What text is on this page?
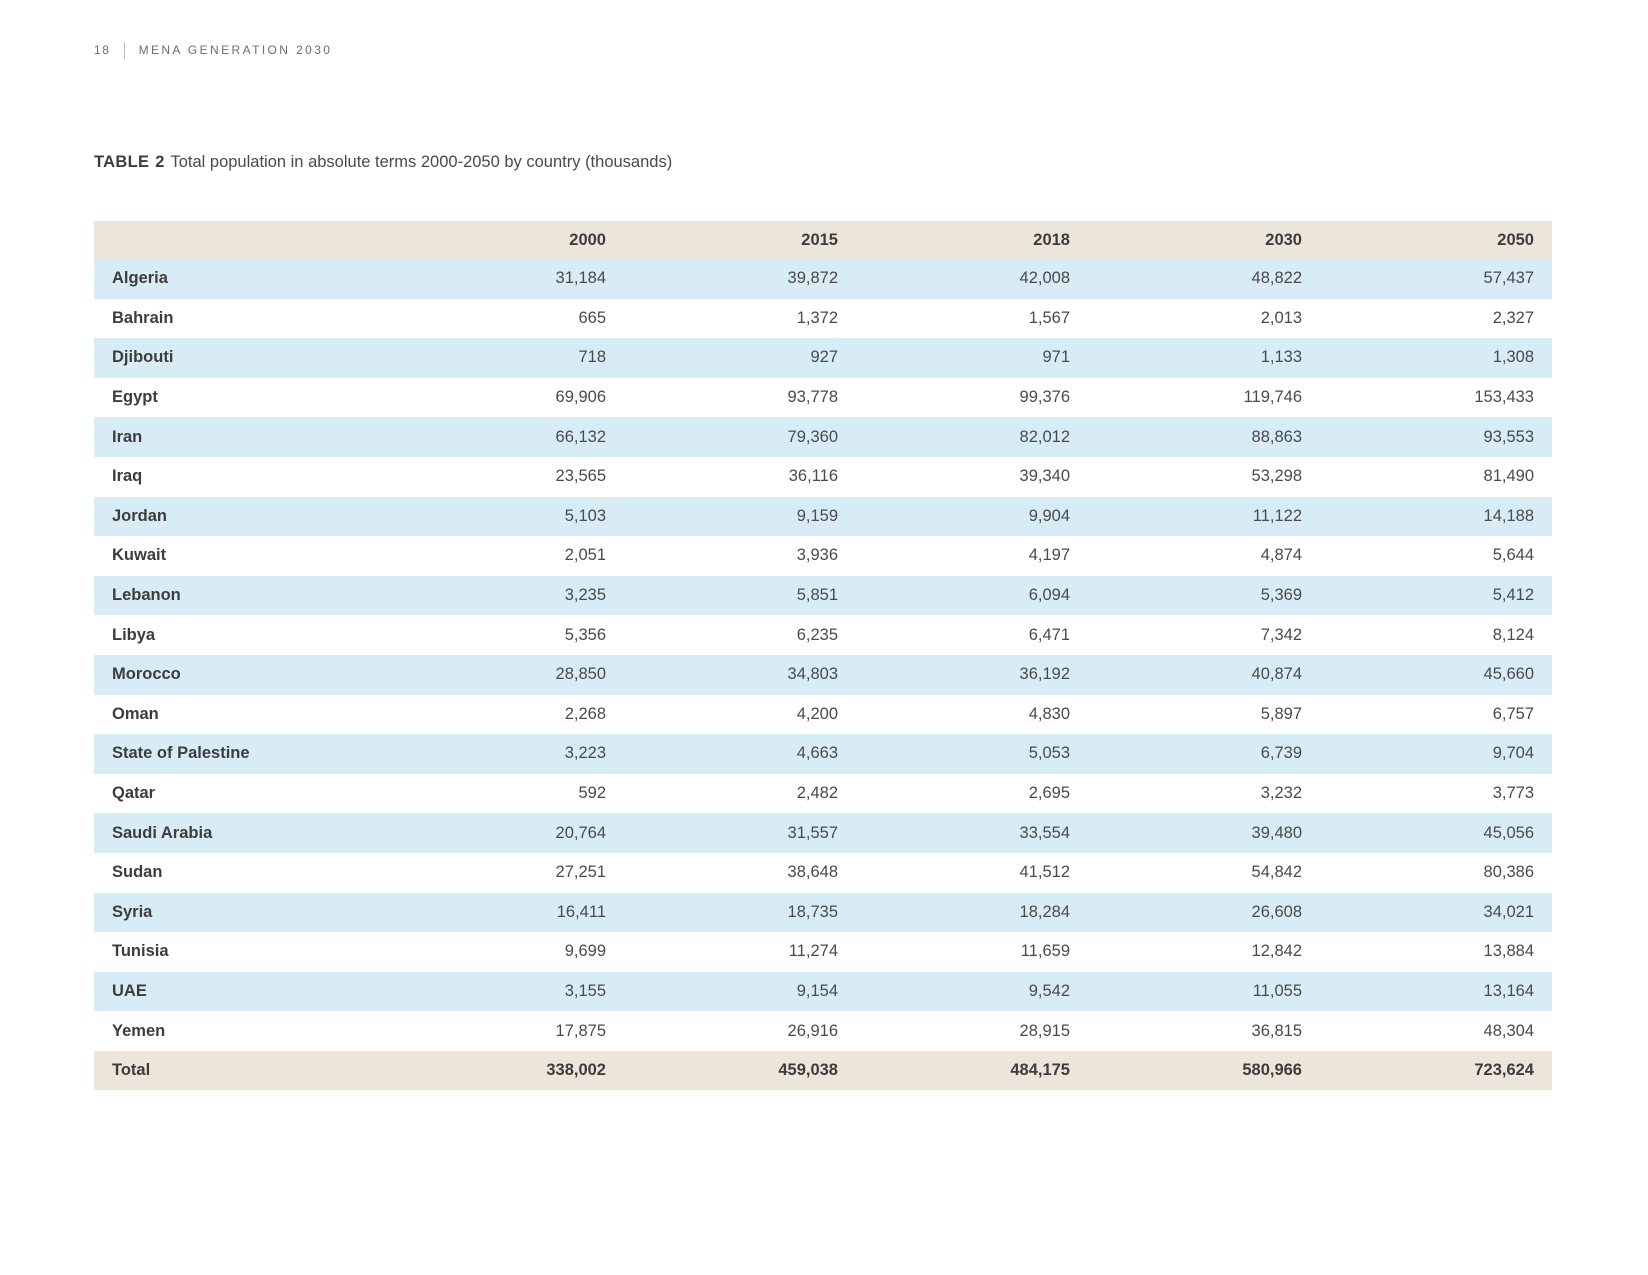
18 MENA GENERATION 2030
TABLE 2 Total population in absolute terms 2000-2050 by country (thousands)
	2000	2015	2018	2030	2050
Algeria	31,184	39,872	42,008	48,822	57,437
Bahrain	665	1,372	1,567	2,013	2,327
Djibouti	718	927	971	1,133	1,308
Egypt	69,906	93,778	99,376	119,746	153,433
Iran	66,132	79,360	82,012	88,863	93,553
Iraq	23,565	36,116	39,340	53,298	81,490
Jordan	5,103	9,159	9,904	11,122	14,188
Kuwait	2,051	3,936	4,197	4,874	5,644
Lebanon	3,235	5,851	6,094	5,369	5,412
Libya	5,356	6,235	6,471	7,342	8,124
Morocco	28,850	34,803	36,192	40,874	45,660
Oman	2,268	4,200	4,830	5,897	6,757
State of Palestine	3,223	4,663	5,053	6,739	9,704
Qatar	592	2,482	2,695	3,232	3,773
Saudi Arabia	20,764	31,557	33,554	39,480	45,056
Sudan	27,251	38,648	41,512	54,842	80,386
Syria	16,411	18,735	18,284	26,608	34,021
Tunisia	9,699	11,274	11,659	12,842	13,884
UAE	3,155	9,154	9,542	11,055	13,164
Yemen	17,875	26,916	28,915	36,815	48,304
Total	338,002	459,038	484,175	580,966	723,624
